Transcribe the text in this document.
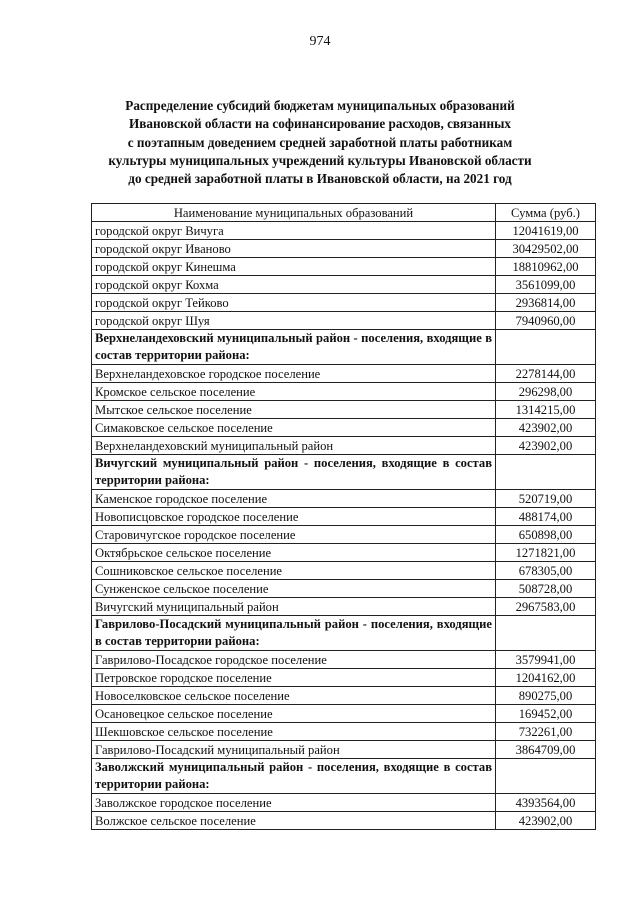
974
Распределение субсидий бюджетам муниципальных образований
Ивановской области на софинансирование расходов, связанных
с поэтапным доведением средней заработной платы работникам
культуры муниципальных учреждений культуры Ивановской области
до средней заработной платы в Ивановской области, на 2021 год
Наименование муниципальных образований	Сумма (руб.)
городской округ Вичуга	12041619,00
городской округ Иваново	30429502,00
городской округ Кинешма	18810962,00
городской округ Кохма	3561099,00
городской округ Тейково	2936814,00
городской округ Шуя	7940960,00
Верхнеландеховский муниципальный район - поселения, входящие в состав территории района:	
Верхнеландеховское городское поселение	2278144,00
Кромское сельское поселение	296298,00
Мытское сельское поселение	1314215,00
Симаковское сельское поселение	423902,00
Верхнеландеховский муниципальный район	423902,00
Вичугский муниципальный район - поселения, входящие в состав территории района:	
Каменское городское поселение	520719,00
Новописцовское городское поселение	488174,00
Старовичугское городское поселение	650898,00
Октябрьское сельское поселение	1271821,00
Сошниковское сельское поселение	678305,00
Сунженское сельское поселение	508728,00
Вичугский муниципальный район	2967583,00
Гаврилово-Посадский муниципальный район - поселения, входящие в состав территории района:	
Гаврилово-Посадское городское поселение	3579941,00
Петровское городское поселение	1204162,00
Новоселковское сельское поселение	890275,00
Осановецкое сельское поселение	169452,00
Шекшовское сельское поселение	732261,00
Гаврилово-Посадский муниципальный район	3864709,00
Заволжский муниципальный район - поселения, входящие в состав территории района:	
Заволжское городское поселение	4393564,00
Волжское сельское поселение	423902,00
